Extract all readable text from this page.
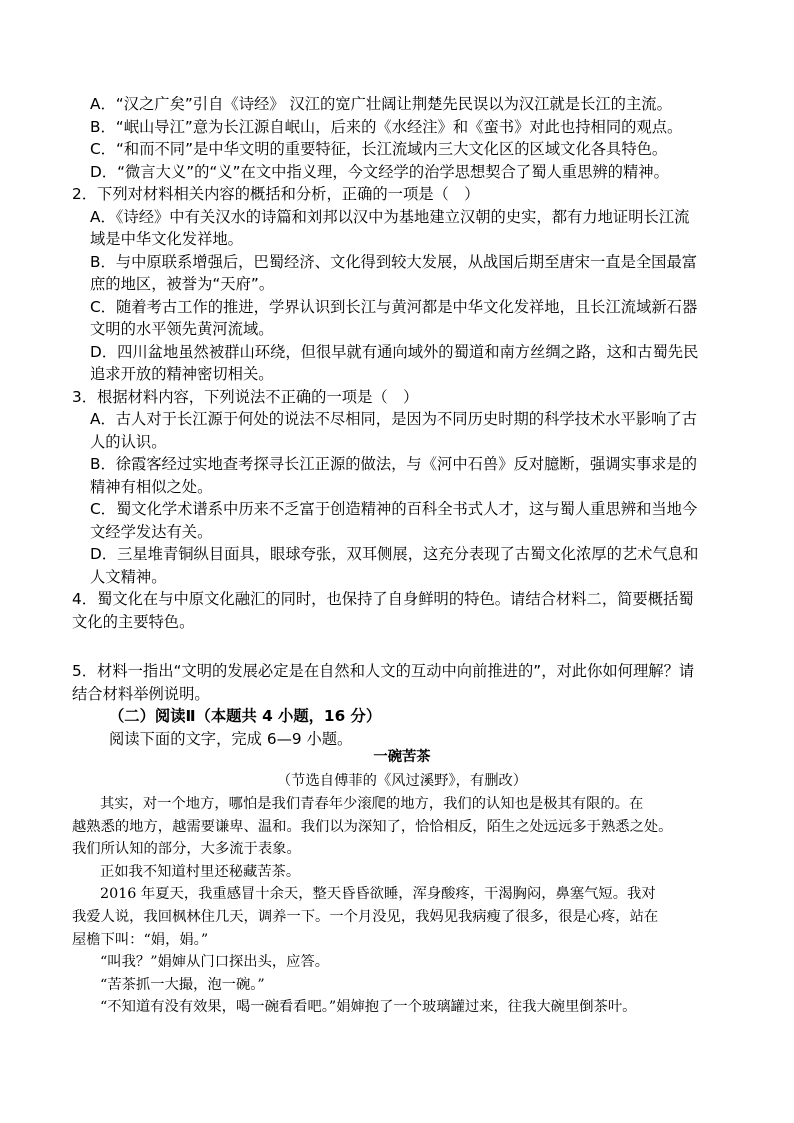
A．“汉之广矣”引自《诗经》 汉江的宽广壮阔让荆楚先民误以为汉江就是长江的主流。
B．“岷山导江”意为长江源自岷山，后来的《水经注》和《蛮书》对此也持相同的观点。
C．“和而不同”是中华文明的重要特征，长江流域内三大文化区的区域文化各具特色。
D．“微言大义”的“义”在文中指义理，今文经学的治学思想契合了蜀人重思辨的精神。
2．下列对材料相关内容的概括和分析，正确的一项是（　）
A．《诗经》中有关汉水的诗篇和刘邦以汉中为基地建立汉朝的史实，都有力地证明长江流
域是中华文化发祥地。
B．与中原联系增强后，巴蜀经济、文化得到较大发展，从战国后期至唐宋一直是全国最富
庶的地区，被誉为“天府”。
C．随着考古工作的推进，学界认识到长江与黄河都是中华文化发祥地，且长江流域新石器
文明的水平领先黄河流域。
D．四川盆地虽然被群山环绕，但很早就有通向域外的蜀道和南方丝绸之路，这和古蜀先民
追求开放的精神密切相关。
3．根据材料内容，下列说法不正确的一项是（　）
A．古人对于长江源于何处的说法不尽相同，是因为不同历史时期的科学技术水平影响了古
人的认识。
B．徐霞客经过实地查考探寻长江正源的做法，与《河中石兽》反对臆断，强调实事求是的
精神有相似之处。
C．蜀文化学术谱系中历来不乏富于创造精神的百科全书式人才，这与蜀人重思辨和当地今
文经学发达有关。
D．三星堆青铜纵目面具，眼球夸张，双耳侧展，这充分表现了古蜀文化浓厚的艺术气息和
人文精神。
4．蜀文化在与中原文化融汇的同时，也保持了自身鲜明的特色。请结合材料二，简要概括蜀
文化的主要特色。
5．材料一指出“文明的发展必定是在自然和人文的互动中向前推进的”，对此你如何理解？请
结合材料举例说明。
（二）阅读Ⅱ（本题共 4 小题，16 分）
阅读下面的文字，完成 6—9 小题。
一碗苦茶
（节选自傅菲的《风过溪野》，有删改）
其实，对一个地方，哪怕是我们青春年少滚爬的地方，我们的认知也是极其有限的。在
越熟悉的地方，越需要谦卑、温和。我们以为深知了，恰恰相反，陌生之处远远多于熟悉之处。
我们所认知的部分，大多流于表象。
正如我不知道村里还秘藏苦茶。
2016 年夏天，我重感冒十余天，整天昏昏欲睡，浑身酸疼，干渴胸闷，鼻塞气短。我对
我爱人说，我回枫林住几天，调养一下。一个月没见，我妈见我病瘦了很多，很是心疼，站在
屋檐下叫：“娟，娟。”
“叫我？”娟婶从门口探出头，应答。
“苦茶抓一大撮，泡一碗。”
“不知道有没有效果，喝一碗看看吧。”娟婶抱了一个玻璃罐过来，往我大碗里倒茶叶。
